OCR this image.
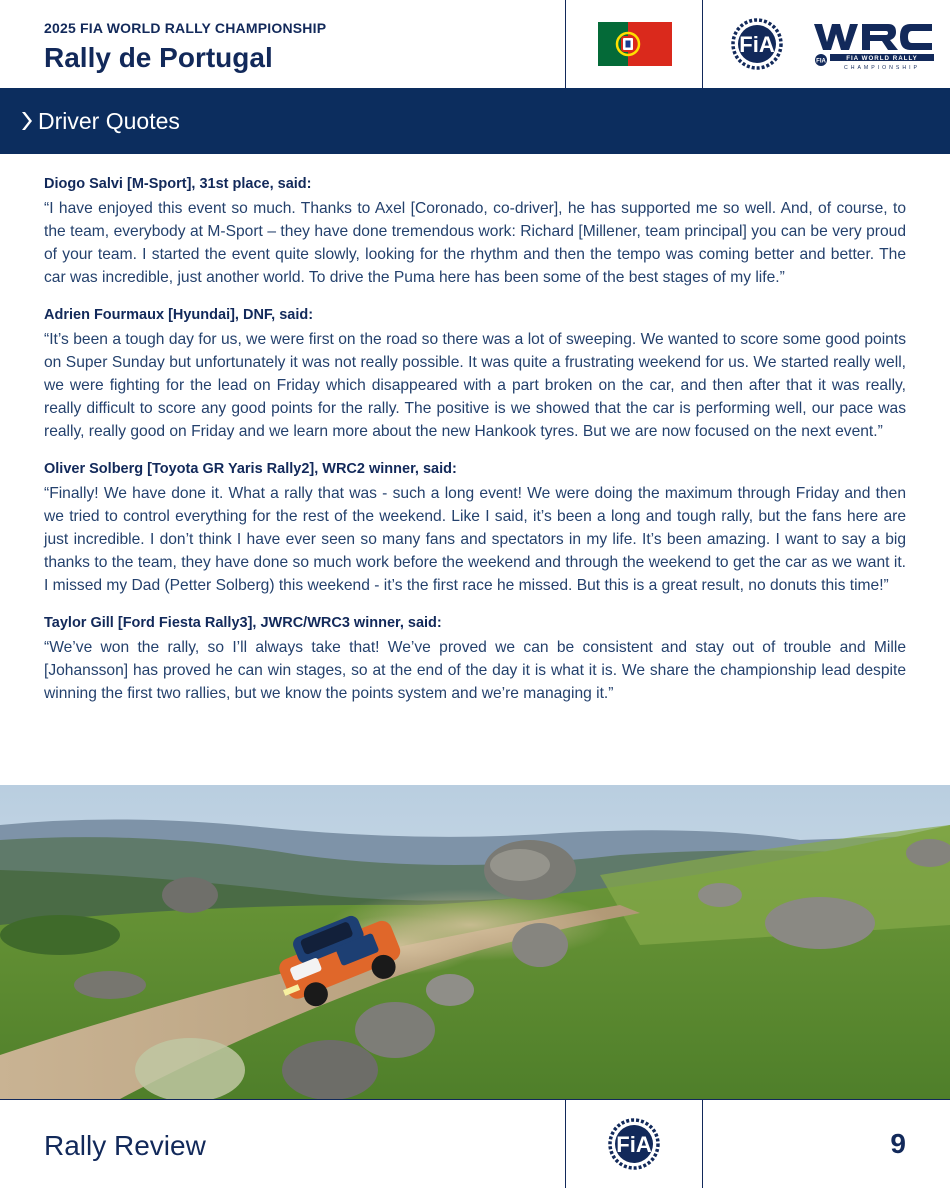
2025 FIA WORLD RALLY CHAMPIONSHIP
Rally de Portugal	FiA
FIA	FIA WORLD RALLY
CHAMPIONSHIP
Driver Quotes
Diogo Salvi [M-Sport], 31st place, said:
“I have enjoyed this event so much. Thanks to Axel [Coronado, co-driver], he has supported me so well. And, of course, to the team, everybody at M-Sport – they have done tremendous work: Richard [Millener, team principal] you can be very proud of your team. I started the event quite slowly, looking for the rhythm and then the tempo was coming better and better. The car was incredible, just another world. To drive the Puma here has been some of the best stages of my life.”
Adrien Fourmaux [Hyundai], DNF, said:
“It’s been a tough day for us, we were first on the road so there was a lot of sweeping. We wanted to score some good points on Super Sunday but unfortunately it was not really possible. It was quite a frustrating weekend for us. We started really well, we were fighting for the lead on Friday which disappeared with a part broken on the car, and then after that it was really, really difficult to score any good points for the rally. The positive is we showed that the car is performing well, our pace was really, really good on Friday and we learn more about the new Hankook tyres. But we are now focused on the next event.”
Oliver Solberg [Toyota GR Yaris Rally2], WRC2 winner, said:
“Finally! We have done it. What a rally that was - such a long event! We were doing the maximum through Friday and then we tried to control everything for the rest of the weekend. Like I said, it’s been a long and tough rally, but the fans here are just incredible. I don’t think I have ever seen so many fans and spectators in my life. It’s been amazing. I want to say a big thanks to the team, they have done so much work before the weekend and through the weekend to get the car as we want it. I missed my Dad (Petter Solberg) this weekend - it’s the first race he missed. But this is a great result, no donuts this time!”
Taylor Gill [Ford Fiesta Rally3], JWRC/WRC3 winner, said:
“We’ve won the rally, so I’ll always take that! We’ve proved we can be consistent and stay out of trouble and Mille [Johansson] has proved he can win stages, so at the end of the day it is what it is. We share the championship lead despite winning the first two rallies, but we know the points system and we’re managing it.”
Rally Review	FiA	9
